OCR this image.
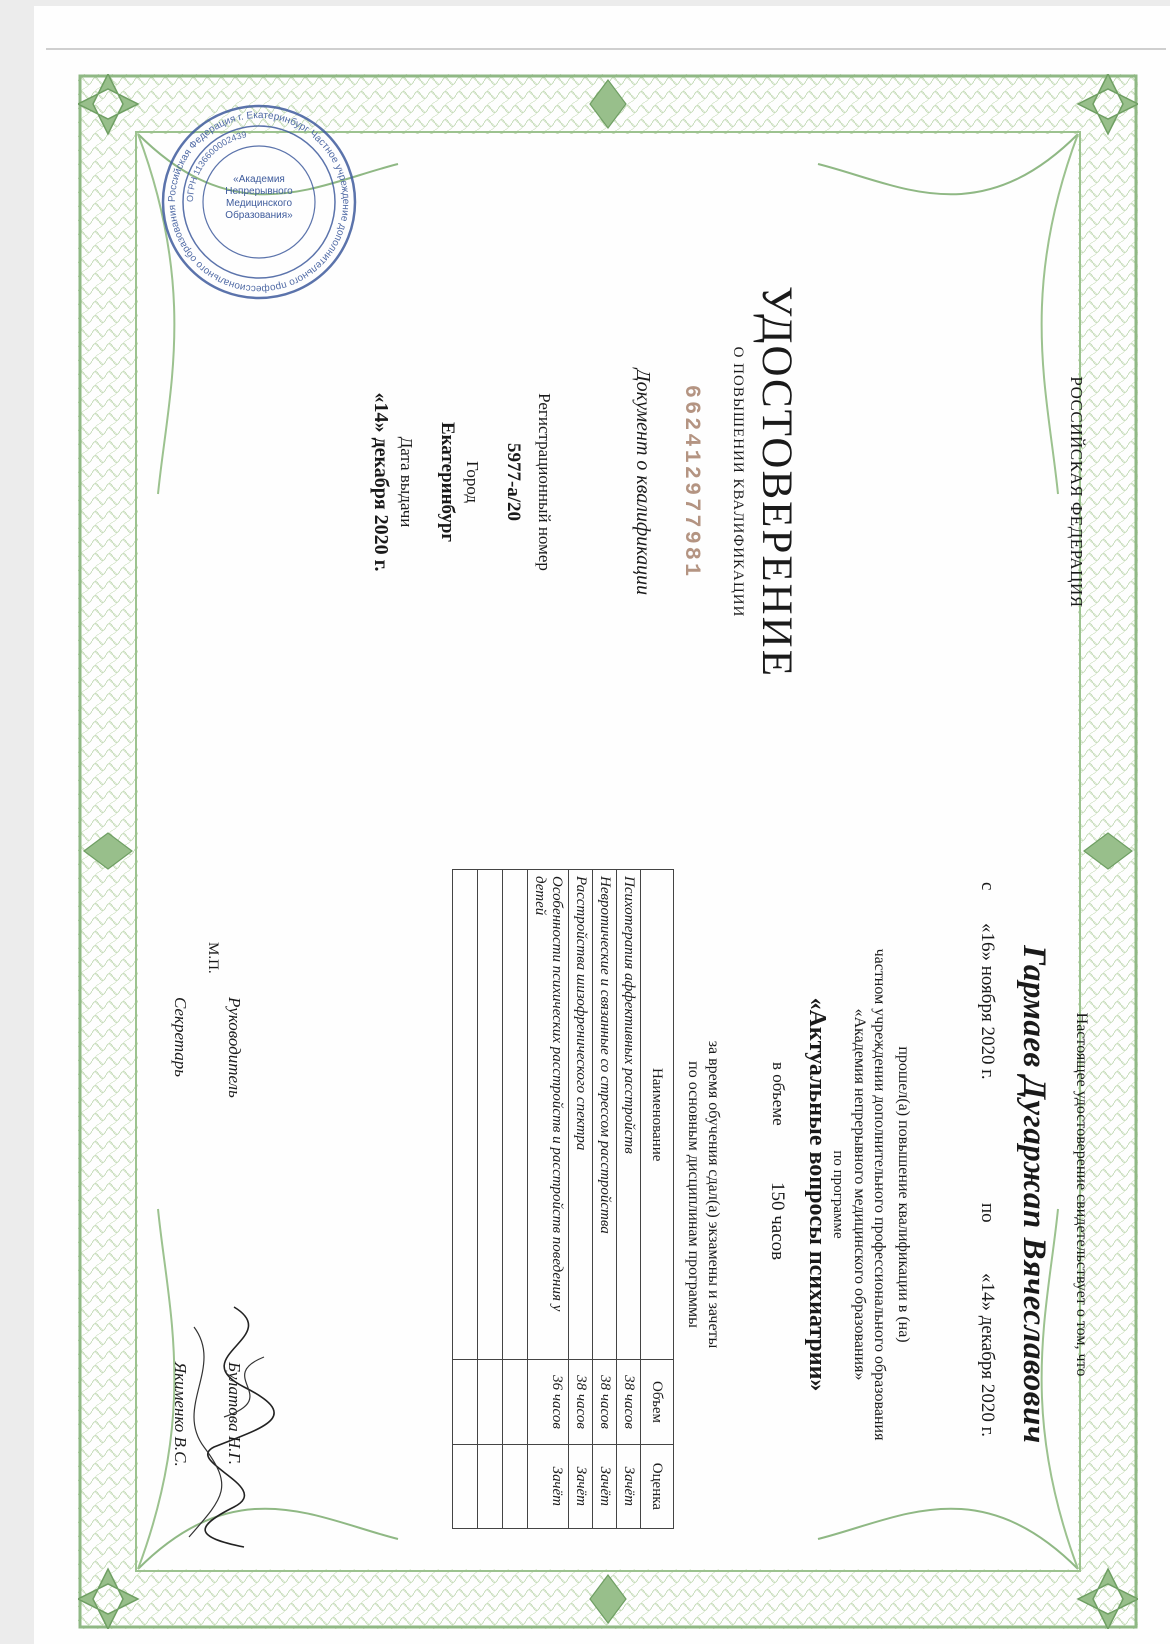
РОССИЙСКАЯ ФЕДЕРАЦИЯ
УДОСТОВЕРЕНИЕ
О ПОВЫШЕНИИ КВАЛИФИКАЦИИ
662412977981
Документ о квалификации
Регистрационный номер
5977-а/20
Город
Екатеринбург
Дата выдачи
«14» декабря 2020 г.
Настоящее удостоверение свидетельствует о том, что
Гармаев Дугаржап Вячеславович
с
«16» ноября 2020 г.
по
«14» декабря 2020 г.
прошел(а) повышение квалификации в (на)
частном учреждении дополнительного профессионального образования
«Академия непрерывного медицинского образования»
по программе
«Актуальные вопросы психиатрии»
в объеме
150 часов
за время обучения сдал(а) экзамены и зачеты
по основным дисциплинам программы
Наименование	Объем	Оценка
Психотерапия аффективных расстройств	38 часов	Зачёт
Невротические и связанные со стрессом расстройства	38 часов	Зачёт
Расстройства шизофренического спектра	38 часов	Зачёт
Особенности психических расстройств и расстройств поведения у детей	36 часов	Зачёт

Руководитель
Булатова Н.Г.
Секретарь
Якименко В.С.
М.П.
Российская Федерация г. Екатеринбург Частное учреждение дополнительного профессионального образования
ОГРН 1136600002439
«Академия Непрерывного Медицинского Образования»
